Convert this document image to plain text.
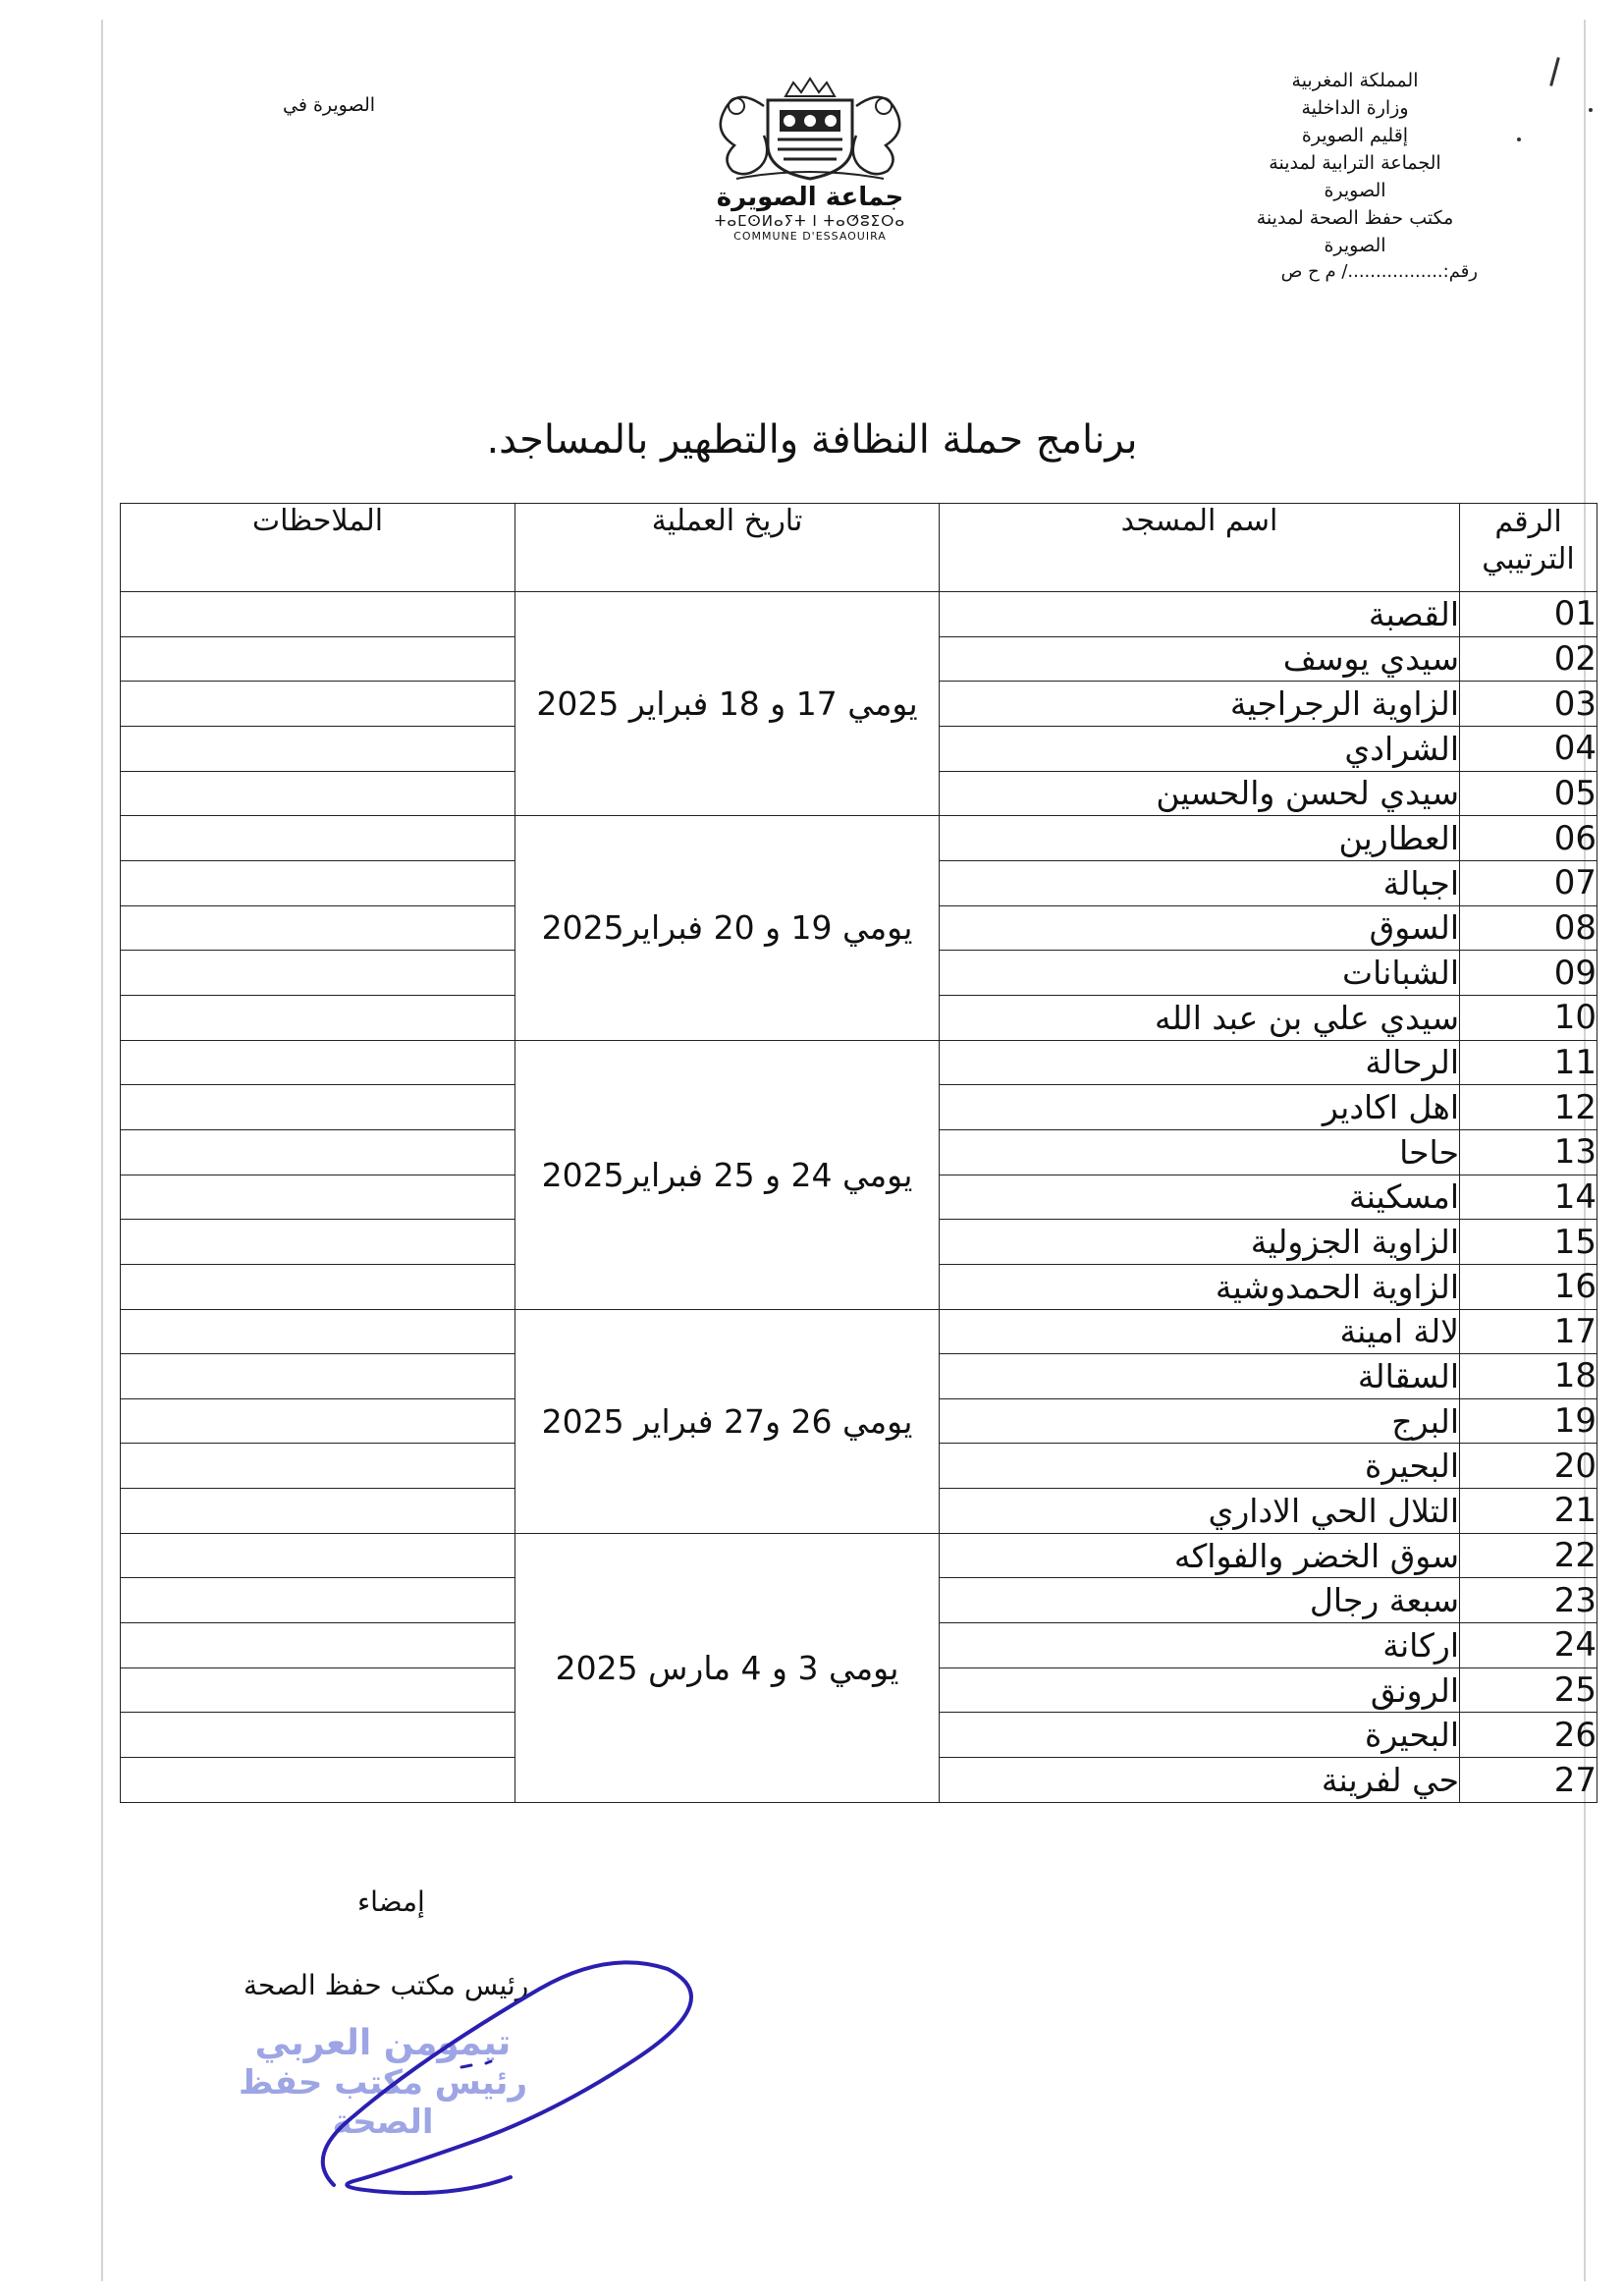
الصويرة في
جماعة الصويرة
ⵜⴰⵎⵙⵍⴰⵢⵜ ⵏ ⵜⴰⵚⵓⵉⵔⴰ
COMMUNE D'ESSAOUIRA
المملكة المغربية
وزارة الداخلية
إقليم الصويرة
الجماعة الترابية لمدينة
الصويرة
مكتب حفظ الصحة لمدينة
الصويرة
رقم:................./ م ح ص
برنامج حملة النظافة والتطهير بالمساجد.
الرقم الترتيبي	اسم المسجد	تاريخ العملية	الملاحظات
01	القصبة	يومي 17 و 18 فبراير 2025	
02	سيدي يوسف		
03	الزاوية الرجراجية		
04	الشرادي		
05	سيدي لحسن والحسين		
06	العطارين	يومي 19 و 20 فبراير2025	
07	اجبالة		
08	السوق		
09	الشبانات		
10	سيدي علي بن عبد الله		
11	الرحالة	يومي 24 و 25 فبراير2025	
12	اهل اكادير		
13	حاحا		
14	امسكينة		
15	الزاوية الجزولية		
16	الزاوية الحمدوشية		
17	لالة امينة	يومي 26 و27 فبراير 2025	
18	السقالة		
19	البرج		
20	البحيرة		
21	التلال الحي الاداري		
22	سوق الخضر والفواكه	يومي 3 و 4 مارس 2025	
23	سبعة رجال		
24	اركانة		
25	الرونق		
26	البحيرة		
27	حي لفرينة		
إمضاء
رئيس مكتب حفظ الصحة
تيمومن العربي
رئيس مكتب حفظ الصحة
